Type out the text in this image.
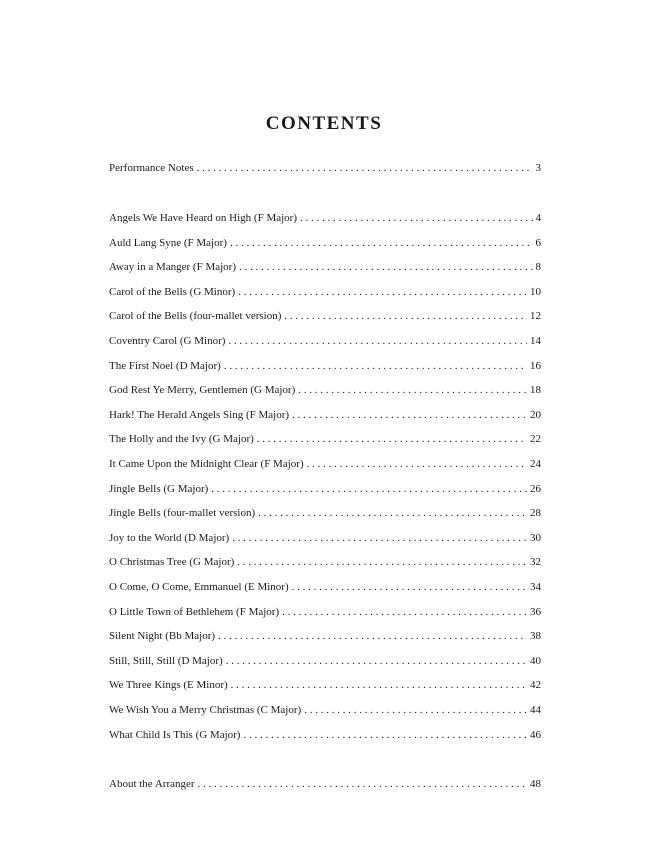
CONTENTS
Performance Notes . . .	3
Angels We Have Heard on High (F Major) . . .	4
Auld Lang Syne (F Major) . . .	6
Away in a Manger (F Major) . . .	8
Carol of the Bells (G Minor) . . .	10
Carol of the Bells (four-mallet version) . . .	12
Coventry Carol (G Minor) . . .	14
The First Noel (D Major) . . .	16
God Rest Ye Merry, Gentlemen (G Major) . . .	18
Hark! The Herald Angels Sing (F Major) . . .	20
The Holly and the Ivy (G Major) . . .	22
It Came Upon the Midnight Clear (F Major) . . .	24
Jingle Bells (G Major) . . .	26
Jingle Bells (four-mallet version) . . .	28
Joy to the World (D Major) . . .	30
O Christmas Tree (G Major) . . .	32
O Come, O Come, Emmanuel (E Minor) . . .	34
O Little Town of Bethlehem (F Major) . . .	36
Silent Night (Bb Major) . . .	38
Still, Still, Still (D Major) . . .	40
We Three Kings (E Minor) . . .	42
We Wish You a Merry Christmas (C Major) . . .	44
What Child Is This (G Major) . . .	46
About the Arranger . . .	48
